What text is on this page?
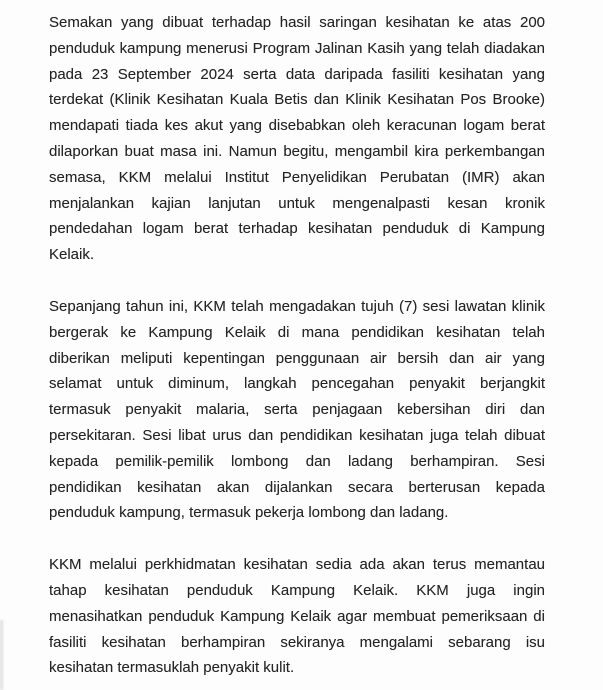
Semakan yang dibuat terhadap hasil saringan kesihatan ke atas 200
penduduk kampung menerusi Program Jalinan Kasih yang telah diadakan
pada 23 September 2024 serta data daripada fasiliti kesihatan yang
terdekat (Klinik Kesihatan Kuala Betis dan Klinik Kesihatan Pos Brooke)
mendapati tiada kes akut yang disebabkan oleh keracunan logam berat
dilaporkan buat masa ini. Namun begitu, mengambil kira perkembangan
semasa, KKM melalui Institut Penyelidikan Perubatan (IMR) akan
menjalankan kajian lanjutan untuk mengenalpasti kesan kronik
pendedahan logam berat terhadap kesihatan penduduk di Kampung
Kelaik.
Sepanjang tahun ini, KKM telah mengadakan tujuh (7) sesi lawatan klinik
bergerak ke Kampung Kelaik di mana pendidikan kesihatan telah
diberikan meliputi kepentingan penggunaan air bersih dan air yang
selamat untuk diminum, langkah pencegahan penyakit berjangkit
termasuk penyakit malaria, serta penjagaan kebersihan diri dan
persekitaran. Sesi libat urus dan pendidikan kesihatan juga telah dibuat
kepada pemilik-pemilik lombong dan ladang berhampiran. Sesi
pendidikan kesihatan akan dijalankan secara berterusan kepada
penduduk kampung, termasuk pekerja lombong dan ladang.
KKM melalui perkhidmatan kesihatan sedia ada akan terus memantau
tahap kesihatan penduduk Kampung Kelaik. KKM juga ingin
menasihatkan penduduk Kampung Kelaik agar membuat pemeriksaan di
fasiliti kesihatan berhampiran sekiranya mengalami sebarang isu
kesihatan termasuklah penyakit kulit.
